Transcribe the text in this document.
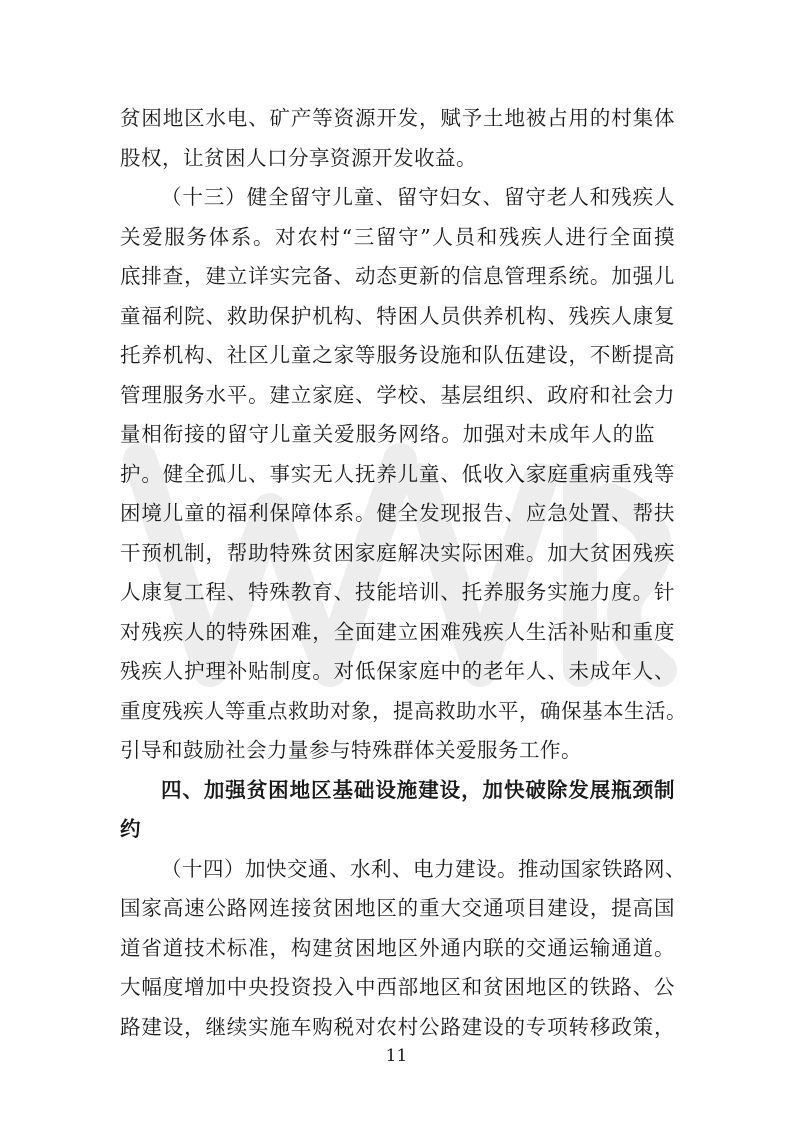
贫困地区水电、矿产等资源开发，赋予土地被占用的村集体
股权，让贫困人口分享资源开发收益。
（十三）健全留守儿童、留守妇女、留守老人和残疾人
关爱服务体系。对农村“三留守”人员和残疾人进行全面摸
底排查，建立详实完备、动态更新的信息管理系统。加强儿
童福利院、救助保护机构、特困人员供养机构、残疾人康复
托养机构、社区儿童之家等服务设施和队伍建设，不断提高
管理服务水平。建立家庭、学校、基层组织、政府和社会力
量相衔接的留守儿童关爱服务网络。加强对未成年人的监
护。健全孤儿、事实无人抚养儿童、低收入家庭重病重残等
困境儿童的福利保障体系。健全发现报告、应急处置、帮扶
干预机制，帮助特殊贫困家庭解决实际困难。加大贫困残疾
人康复工程、特殊教育、技能培训、托养服务实施力度。针
对残疾人的特殊困难，全面建立困难残疾人生活补贴和重度
残疾人护理补贴制度。对低保家庭中的老年人、未成年人、
重度残疾人等重点救助对象，提高救助水平，确保基本生活。
引导和鼓励社会力量参与特殊群体关爱服务工作。
四、加强贫困地区基础设施建设，加快破除发展瓶颈制
约
（十四）加快交通、水利、电力建设。推动国家铁路网、
国家高速公路网连接贫困地区的重大交通项目建设，提高国
道省道技术标准，构建贫困地区外通内联的交通运输通道。
11
大幅度增加中央投资投入中西部地区和贫困地区的铁路、公
路建设，继续实施车购税对农村公路建设的专项转移政策，
